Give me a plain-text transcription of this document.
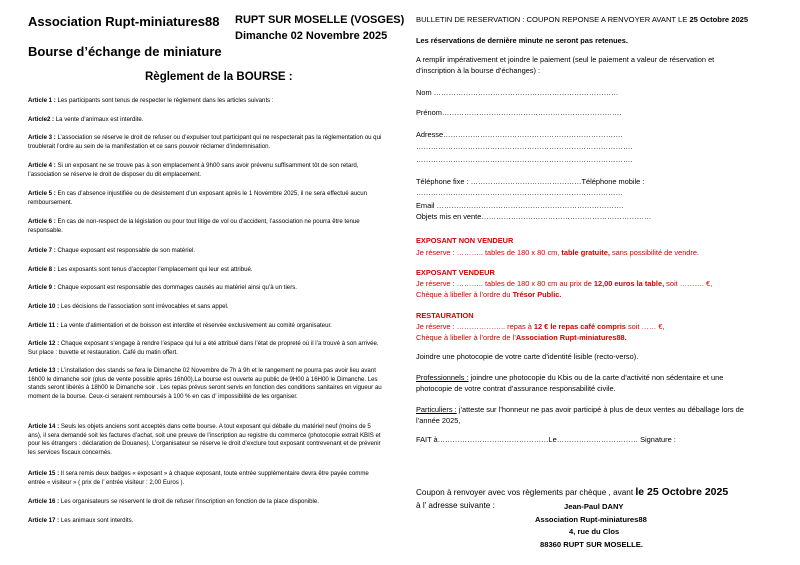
Association Rupt-miniatures88 RUPT SUR MOSELLE (VOSGES)
Dimanche 02 Novembre 2025
Bourse d’échange de miniature
Règlement de la BOURSE :
Article 1 : Les participants sont tenus de respecter le règlement dans les articles suivants :
Article2 : La vente d’animaux est interdite.
Article 3 : L’association se réserve le droit de refuser ou d’expulser tout participant qui ne respecterait pas la réglementation ou qui troublerait l’ordre au sein de la manifestation et ce sans pouvoir réclamer d’indemnisation.
Article 4 : Si un exposant ne se trouve pas à son emplacement à 9h00 sans avoir prévenu suffisamment tôt de son retard, l’association se réserve le droit de disposer du dit emplacement.
Article 5 : En cas d’absence injustifiée ou de désistement d’un exposant après le 1 Novembre 2025, il ne sera effectué aucun remboursement.
Article 6 : En cas de non-respect de la législation ou pour tout litige de vol ou d’accident, l’association ne pourra être tenue responsable.
Article 7 : Chaque exposant est responsable de son matériel.
Article 8 : Les exposants sont tenus d’accepter l’emplacement qui leur est attribué.
Article 9 : Chaque exposant est responsable des dommages causés au matériel ainsi qu’à un tiers.
Article 10 : Les décisions de l’association sont irrévocables et sans appel.
Article 11 : La vente d’alimentation et de boisson est interdite et réservée exclusivement au comité organisateur.
Article 12 : Chaque exposant s’engage à rendre l’espace qui lui a été attribué dans l’état de propreté où il l’a trouvé à son arrivée. Sur place : buvette et restauration. Café du matin offert.
Article 13 : L’installation des stands se fera le Dimanche 02 Novembre de 7h à 9h et le rangement ne pourra pas avoir lieu avant 16h00 le dimanche soir (plus de vente possible après 16h00).La bourse est ouverte au public de 9H00 à 16H00 le Dimanche. Les stands seront libérés à 18h00 le Dimanche soir . Les repas prévus seront servis en fonction des conditions sanitaires en vigueur au moment de la bourse. Ceux-ci seraient remboursés à 100 % en cas d’ impossibilité de les organiser.
Article 14 : Seuls les objets anciens sont acceptés dans cette bourse. A tout exposant qui déballe du matériel neuf (moins de 5 ans), il sera demandé soit les factures d’achat, soit une preuve de l’inscription au registre du commerce (photocopie extrait KBIS et pour les étrangers : déclaration de Douanes). L’organisateur se réserve le droit d’exclure tout exposant contrevenant et de prévenir les services fiscaux concernés.
Article 15 : Il sera remis deux badges « exposant » à chaque exposant, toute entrée supplémentaire devra être payée comme entrée « visiteur » ( prix de l’ entrée visiteur : 2,00 Euros ).
Article 16 : Les organisateurs se réservent le droit de refuser l’inscription en fonction de la place disponible.
Article 17 : Les animaux sont interdits.
BULLETIN DE RESERVATION : COUPON REPONSE A RENVOYER AVANT LE 25 Octobre 2025
Les réservations de dernière minute ne seront pas retenues.
A remplir impérativement et joindre le paiement (seul le paiement a valeur de réservation et
d’inscription à la bourse d’échanges) :
Nom …………………………………………………………………
Prénom……………………………………………………………….
Adresse……………………………………………………………….
…………………………………………………………………………….
…………………………………………………………………………….
Téléphone fixe : ………………………………………Téléphone mobile :
…………………………………………………………………………
Email ………………………………………………………………….
Objets mis en vente……………………………………………………………
EXPOSANT NON VENDEUR
Je réserve : ……….. tables de 180 x 80 cm, table gratuite, sans possibilité de vendre.
EXPOSANT VENDEUR
Je réserve : ……….. tables de 180 x 80 cm au prix de 12,00 euros la table, soit ………. €,
Chèque à libeller à l’ordre du Trésor Public.
RESTAURATION
Je réserve : ……………….. repas à 12 € le repas café compris soit …… €,
Chèque à libeller à l’ordre de l’Association Rupt-miniatures88.
Joindre une photocopie de votre carte d’identité lisible (recto-verso).
Professionnels : joindre une photocopie du Kbis ou de la carte d’activité non sédentaire et une
photocopie de votre contrat d’assurance responsabilité civile.
Particuliers : j’atteste sur l’honneur ne pas avoir participé à plus de deux ventes au déballage lors de
l’année 2025,
FAIT à………………………………………Le…………………………… Signature :
Coupon à renvoyer avec vos règlements par chèque , avant le 25 Octobre 2025
à l’ adresse suivante :	Jean-Paul DANY
Association Rupt-miniatures88
4, rue du Clos
88360 RUPT SUR MOSELLE.
